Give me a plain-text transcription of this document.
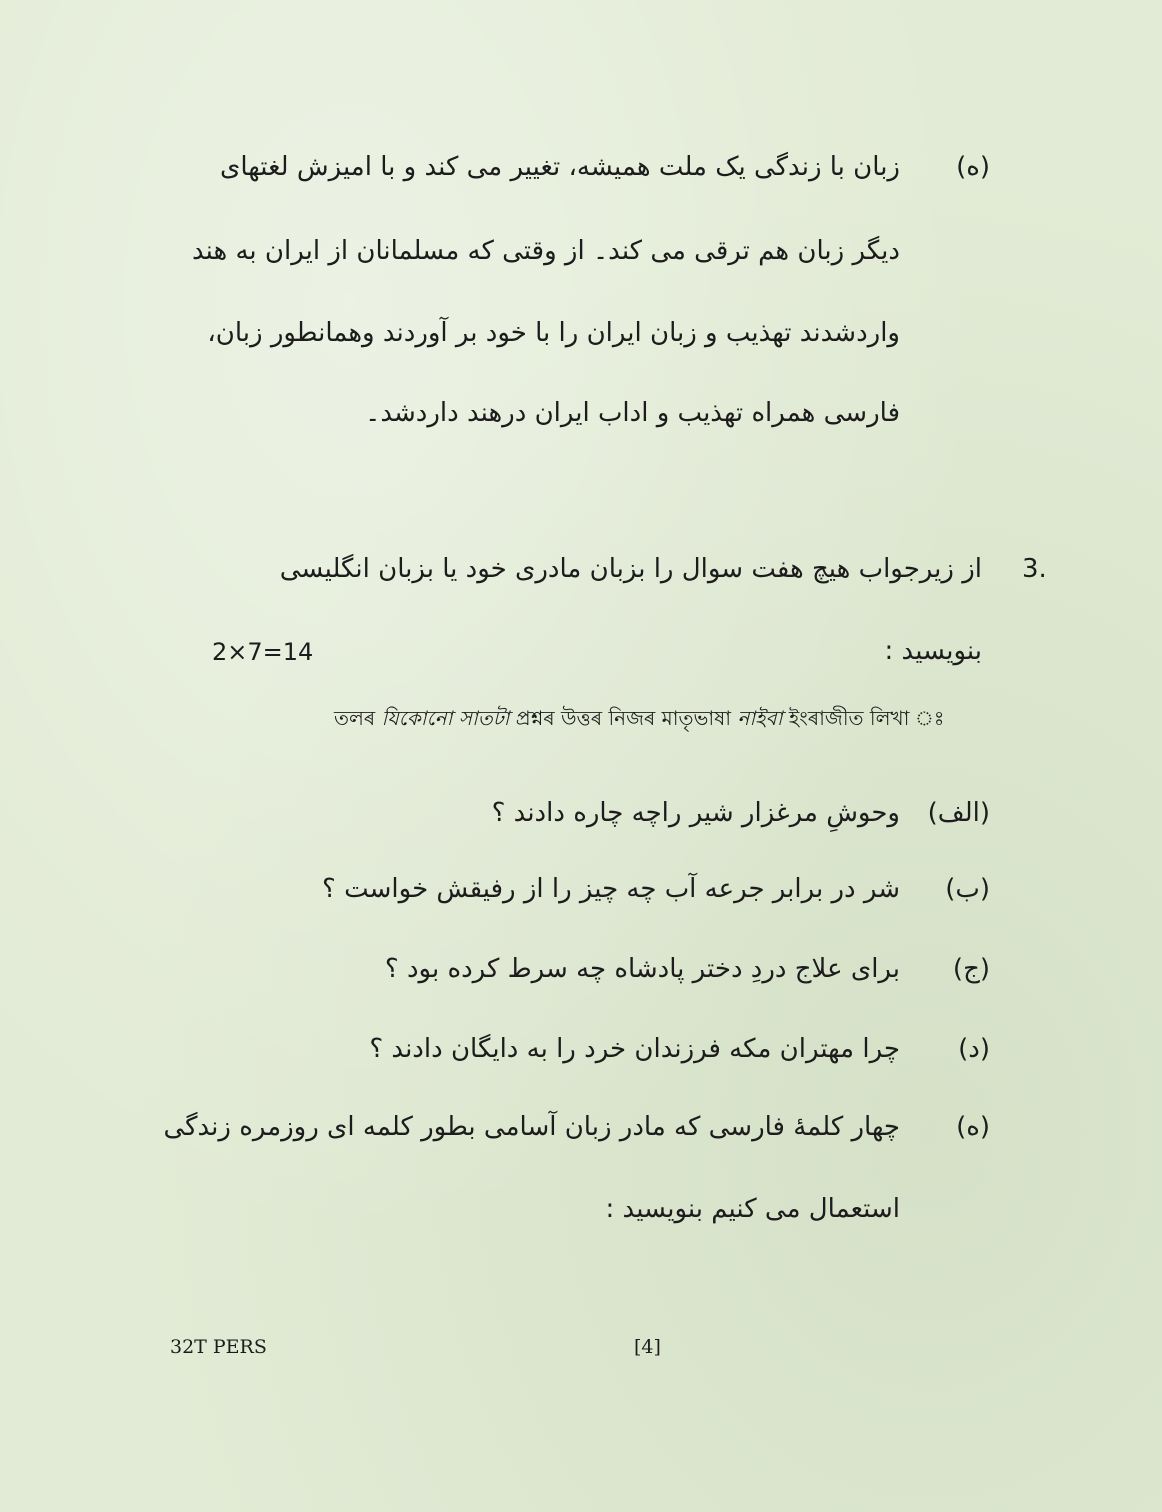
(ه)
زبان با زندگی یک ملت همیشه، تغییر می کند و با امیزش لغتهای
دیگر زبان هم ترقی می کند۔ از وقتی که مسلمانان از ایران به هند
واردشدند تهذیب و زبان ایران را با خود بر آوردند وهمانطور زبان،
فارسی همراه تهذیب و اداب ایران درهند داردشد۔
3.
از زیرجواب هیچ هفت سوال را بزبان مادری خود یا بزبان انگلیسی
بنویسید :
2×7=14
তলৰ যিকোনো সাতটা প্ৰশ্নৰ উত্তৰ নিজৰ মাতৃভাষা নাইবা ইংৰাজীত লিখা ঃ
(الف)
وحوشِ مرغزار شیر راچه چاره دادند ؟
(ب)
شر در برابر جرعه آب چه چیز را از رفیقش خواست ؟
(ج)
برای علاج دردِ دختر پادشاه چه سرط کرده بود ؟
(د)
چرا مهتران مکه فرزندان خرد را به دایگان دادند ؟
(ه)
چهار کلمۀ فارسی که مادر زبان آسامی بطور کلمه ای روزمره زندگی
استعمال می کنیم بنویسید :
32T PERS	[4]
